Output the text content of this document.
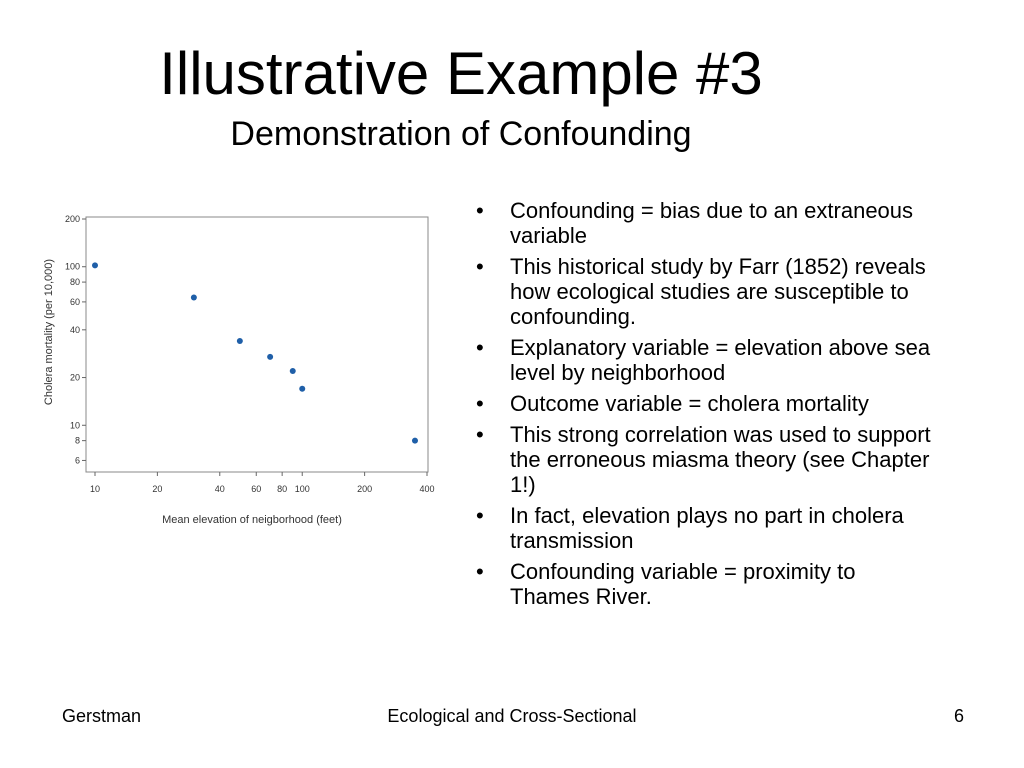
Illustrative Example #3
Demonstration of Confounding
6
8
10
20
40
60
80
100
200
10	20	40	60 80 100	200	400
Cholera mortality (per 10,000)
Mean elevation of neigborhood (feet)
• Confounding = bias due to an extraneous variable
• This historical study by Farr (1852) reveals how ecological studies are susceptible to confounding.
• Explanatory variable = elevation above sea level by neighborhood
• Outcome variable = cholera mortality
• This strong correlation was used to support the erroneous miasma theory (see Chapter 1!)
• In fact, elevation plays no part in cholera transmission
• Confounding variable = proximity to Thames River.
Gerstman	Ecological and Cross-Sectional	6
